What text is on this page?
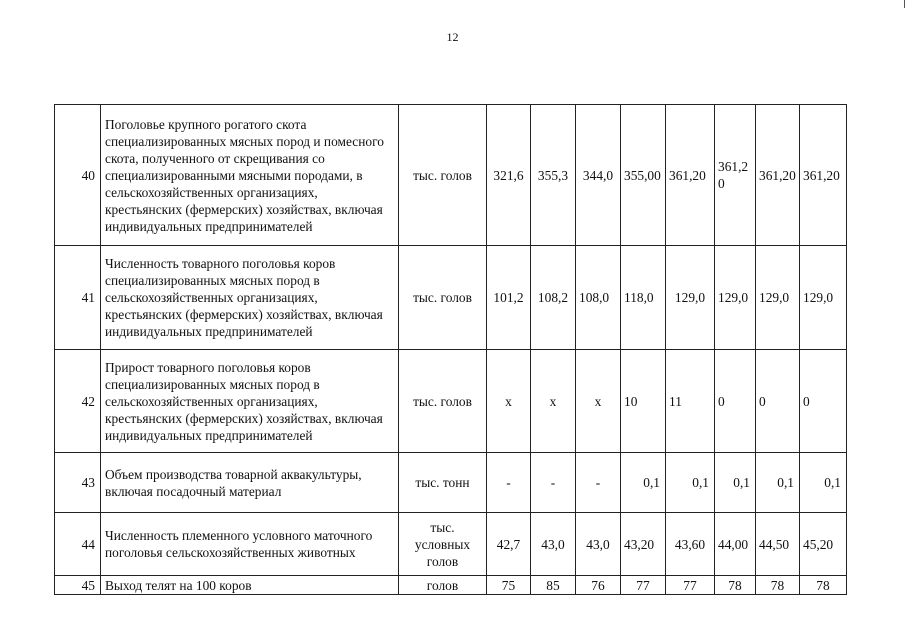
12
40	Поголовье крупного рогатого скота специализированных мясных пород и помесного скота, полученного от скрещивания со специализированными мясными породами, в сельскохозяйственных организациях, крестьянских (фермерских) хозяйствах, включая индивидуальных предпринимателей	тыс. голов	321,6	355,3	344,0	355,00	361,20	361,20	361,20	361,20
41	Численность товарного поголовья коров специализированных мясных пород в сельскохозяйственных организациях, крестьянских (фермерских) хозяйствах, включая индивидуальных предпринимателей	тыс. голов	101,2	108,2	108,0	118,0	129,0	129,0	129,0	129,0
42	Прирост товарного поголовья коров специализированных мясных пород в сельскохозяйственных организациях, крестьянских (фермерских) хозяйствах, включая индивидуальных предпринимателей	тыс. голов	x	x	x	10	11	0	0	0
43	Объем производства товарной аквакультуры, включая посадочный материал	тыс. тонн	-	-	-	0,1	0,1	0,1	0,1	0,1
44	Численность племенного условного маточного поголовья сельскохозяйственных животных	тыс. условных голов	42,7	43,0	43,0	43,20	43,60	44,00	44,50	45,20
45	Выход телят на 100 коров	голов	75	85	76	77	77	78	78	78
